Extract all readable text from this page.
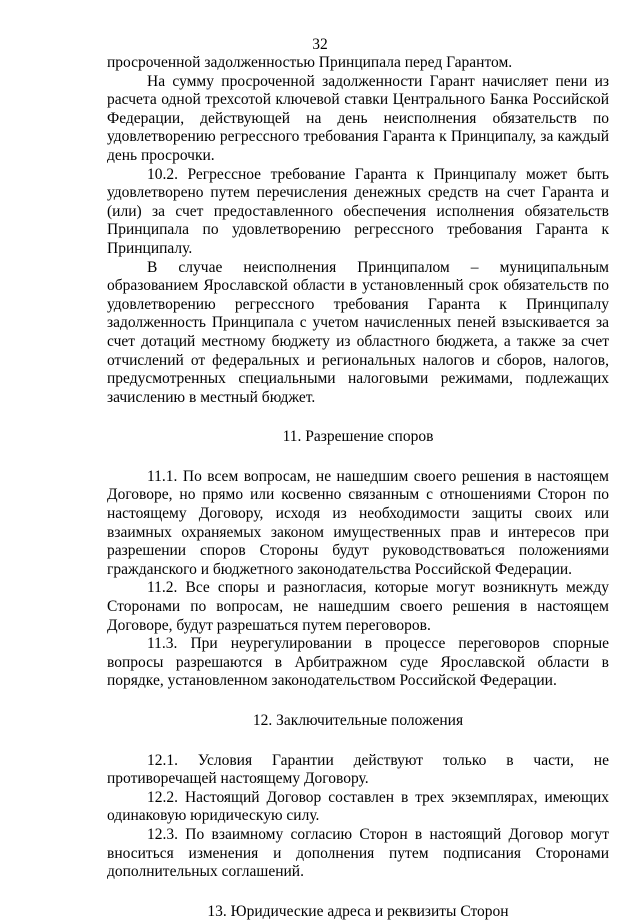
32

просроченной задолженностью Принципала перед Гарантом.

На сумму просроченной задолженности Гарант начисляет пени из расчета одной трехсотой ключевой ставки Центрального Банка Российской Федерации, действующей на день неисполнения обязательств по удовлетворению регрессного требования Гаранта к Принципалу, за каждый день просрочки.

10.2. Регрессное требование Гаранта к Принципалу может быть удовлетворено путем перечисления денежных средств на счет Гаранта и (или) за счет предоставленного обеспечения исполнения обязательств Принципала по удовлетворению регрессного требования Гаранта к Принципалу.

В случае неисполнения Принципалом – муниципальным образованием Ярославской области в установленный срок обязательств по удовлетворению регрессного требования Гаранта к Принципалу задолженность Принципала с учетом начисленных пеней взыскивается за счет дотаций местному бюджету из областного бюджета, а также за счет отчислений от федеральных и региональных налогов и сборов, налогов, предусмотренных специальными налоговыми режимами, подлежащих зачислению в местный бюджет.

11. Разрешение споров

11.1. По всем вопросам, не нашедшим своего решения в настоящем Договоре, но прямо или косвенно связанным с отношениями Сторон по настоящему Договору, исходя из необходимости защиты своих или взаимных охраняемых законом имущественных прав и интересов при разрешении споров Стороны будут руководствоваться положениями гражданского и бюджетного законодательства Российской Федерации.

11.2. Все споры и разногласия, которые могут возникнуть между Сторонами по вопросам, не нашедшим своего решения в настоящем Договоре, будут разрешаться путем переговоров.

11.3. При неурегулировании в процессе переговоров спорные вопросы разрешаются в Арбитражном суде Ярославской области в порядке, установленном законодательством Российской Федерации.

12. Заключительные положения

12.1. Условия Гарантии действуют только в части, не противоречащей настоящему Договору.

12.2. Настоящий Договор составлен в трех экземплярах, имеющих одинаковую юридическую силу.

12.3. По взаимному согласию Сторон в настоящий Договор могут вноситься изменения и дополнения путем подписания Сторонами дополнительных соглашений.

13. Юридические адреса и реквизиты Сторон
